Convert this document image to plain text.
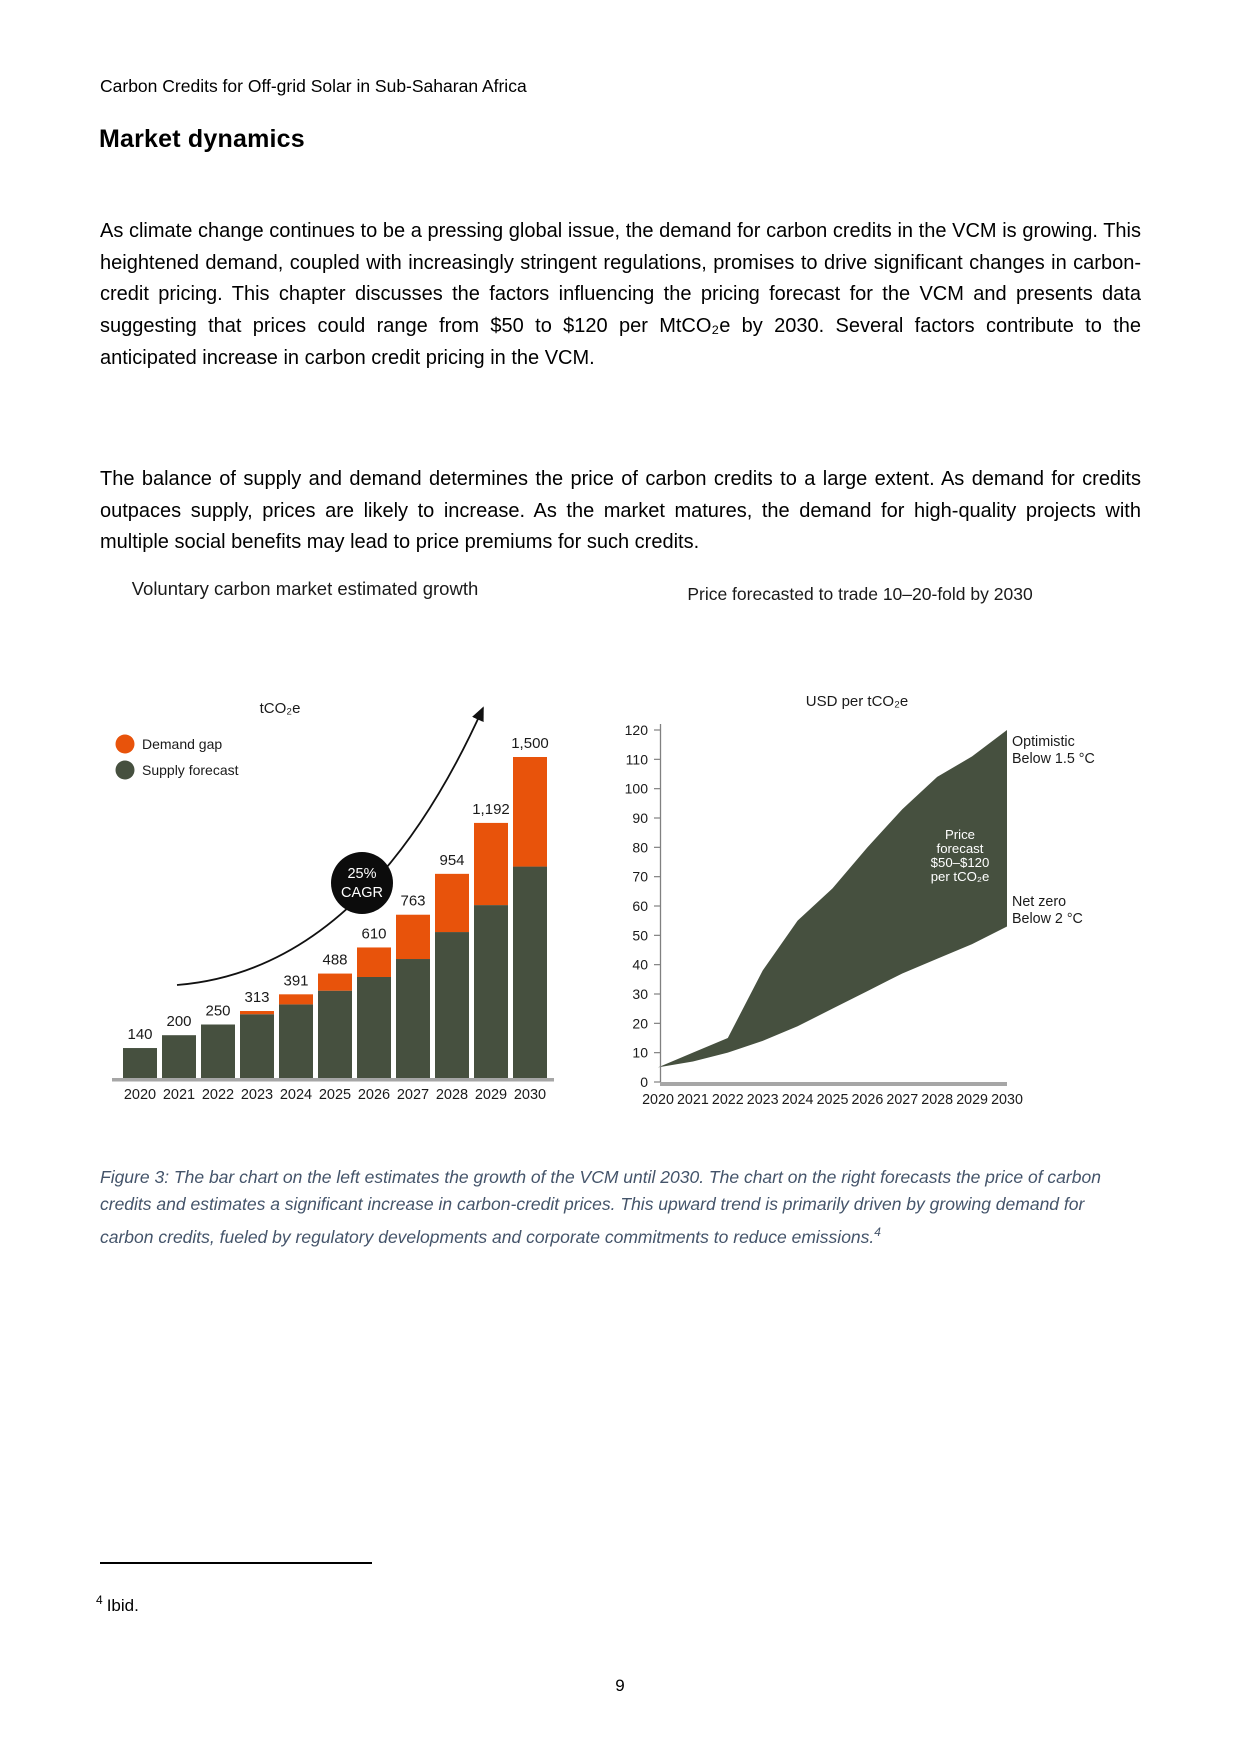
Carbon Credits for Off-grid Solar in Sub-Saharan Africa
Market dynamics

As climate change continues to be a pressing global issue, the demand for carbon credits in the VCM is growing. This heightened demand, coupled with increasingly stringent regulations, promises to drive significant changes in carbon-credit pricing. This chapter discusses the factors influencing the pricing forecast for the VCM and presents data suggesting that prices could range from $50 to $120 per MtCO₂e by 2030. Several factors contribute to the anticipated increase in carbon credit pricing in the VCM.

The balance of supply and demand determines the price of carbon credits to a large extent. As demand for credits outpaces supply, prices are likely to increase. As the market matures, the demand for high-quality projects with multiple social benefits may lead to price premiums for such credits.

Voluntary carbon market estimated growth
140
2020
200
2021
250
2022
313
2023
391
2024
488
2025
610
2026
763
2027
954
2028
1,192
2029
1,500
2030
tCO₂e
Demand gap
Supply forecast
25%
CAGR
Price forecasted to trade 10–20-fold by 2030
0
10
20
30
40
50
60
70
80
90
100
110
120
2020 2021 2022 2023 2024 2025 2026 2027 2028 2029 2030
USD per tCO₂e
Optimistic
Below 1.5 °C
Net zero
Below 2 °C
Price
forecast
$50–$120
per tCO₂e

Figure 3: The bar chart on the left estimates the growth of the VCM until 2030. The chart on the right forecasts the price of carbon credits and estimates a significant increase in carbon-credit prices. This upward trend is primarily driven by growing demand for carbon credits, fueled by regulatory developments and corporate commitments to reduce emissions.$^4$

$^4$ Ibid.

9
